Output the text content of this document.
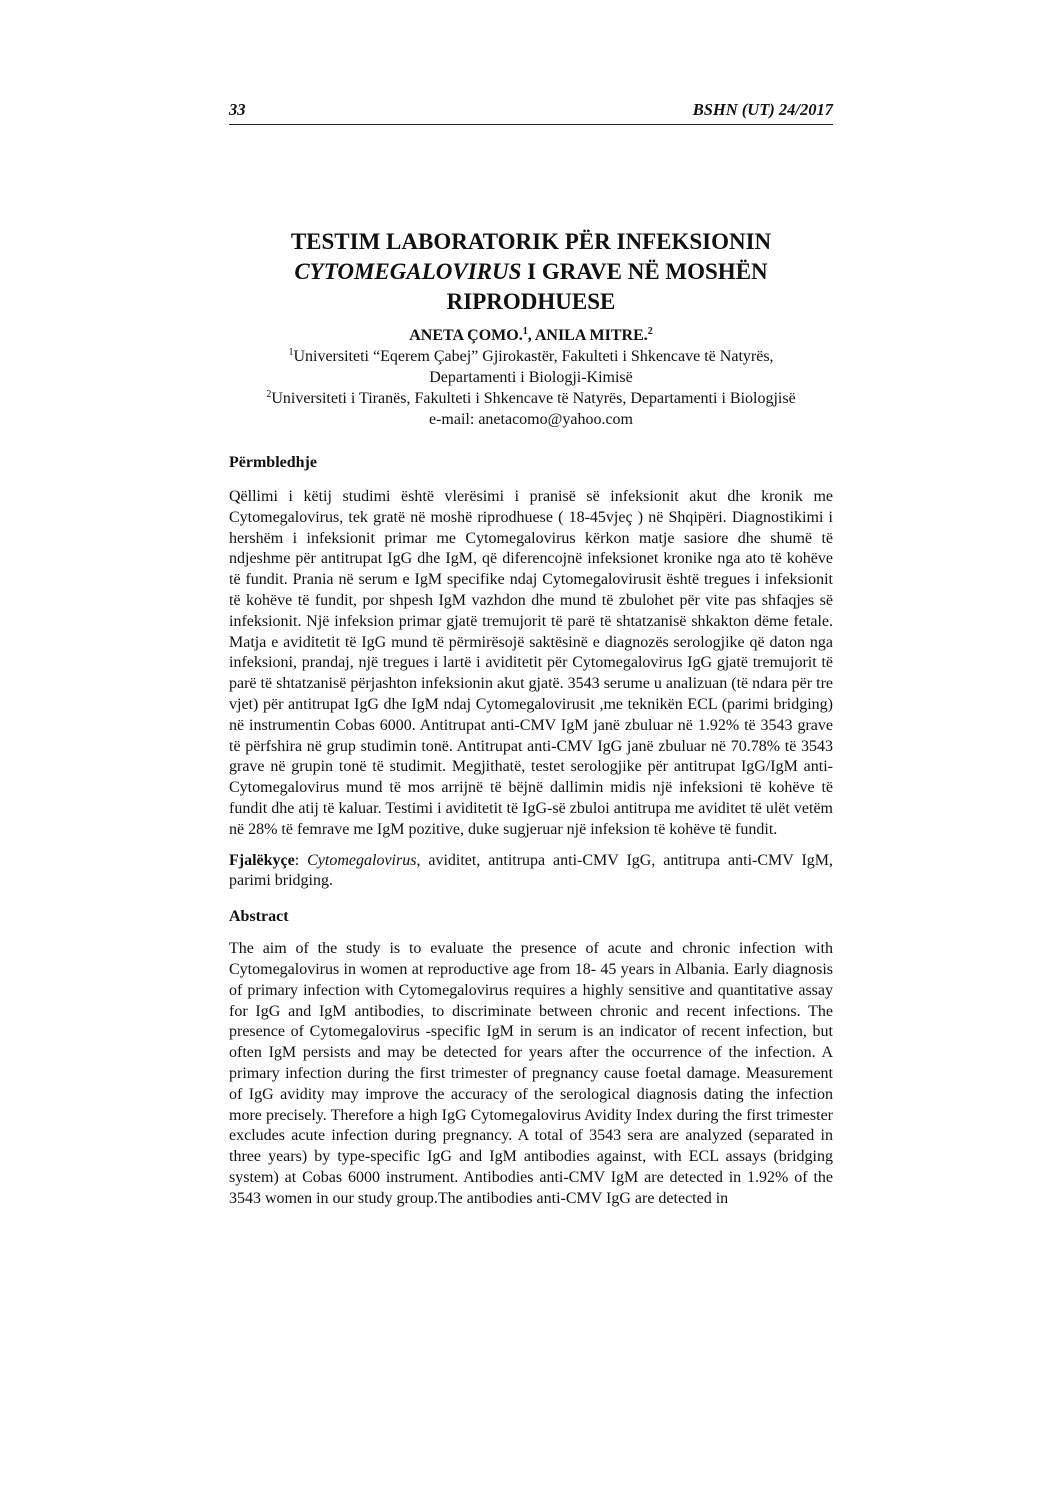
33	BSHN (UT) 24/2017
TESTIM LABORATORIK PËR INFEKSIONIN
CYTOMEGALOVIRUS I GRAVE NË MOSHËN
RIPRODHUESE
ANETA ÇOMO.$^1$, ANILA MITRE.$^2$
$^1$Universiteti “Eqerem Çabej” Gjirokastër, Fakulteti i Shkencave të Natyrës,
Departamenti i Biologji-Kimisë
$^2$Universiteti i Tiranës, Fakulteti i Shkencave të Natyrës, Departamenti i Biologjisë
e-mail: anetacomo@yahoo.com
Përmbledhje

Qëllimi i këtij studimi është vlerësimi i pranisë së infeksionit akut dhe kronik me Cytomegalovirus, tek gratë në moshë riprodhuese ( 18-45vjeç ) në Shqipëri. Diagnostikimi i hershëm i infeksionit primar me Cytomegalovirus kërkon matje sasiore dhe shumë të ndjeshme për antitrupat IgG dhe IgM, që diferencojnë infeksionet kronike nga ato të kohëve të fundit. Prania në serum e IgM specifike ndaj Cytomegalovirusit është tregues i infeksionit të kohëve të fundit, por shpesh IgM vazhdon dhe mund të zbulohet për vite pas shfaqjes së infeksionit. Një infeksion primar gjatë tremujorit të parë të shtatzanisë shkakton dëme fetale. Matja e aviditetit të IgG mund të përmirësojë saktësinë e diagnozës serologjike që daton nga infeksioni, prandaj, një tregues i lartë i aviditetit për Cytomegalovirus IgG gjatë tremujorit të parë të shtatzanisë përjashton infeksionin akut gjatë. 3543 serume u analizuan (të ndara për tre vjet) për antitrupat IgG dhe IgM ndaj Cytomegalovirusit ,me teknikën ECL (parimi bridging) në instrumentin Cobas 6000. Antitrupat anti-CMV IgM janë zbuluar në 1.92% të 3543 grave të përfshira në grup studimin tonë. Antitrupat anti-CMV IgG janë zbuluar në 70.78% të 3543 grave në grupin tonë të studimit. Megjithatë, testet serologjike për antitrupat IgG/IgM anti-Cytomegalovirus mund të mos arrijnë të bëjnë dallimin midis një infeksioni të kohëve të fundit dhe atij të kaluar. Testimi i aviditetit të IgG-së zbuloi antitrupa me aviditet të ulët vetëm në 28% të femrave me IgM pozitive, duke sugjeruar një infeksion të kohëve të fundit.

Fjalëkyçe: Cytomegalovirus, aviditet, antitrupa anti-CMV IgG, antitrupa anti-CMV IgM, parimi bridging.
Abstract

The aim of the study is to evaluate the presence of acute and chronic infection with Cytomegalovirus in women at reproductive age from 18- 45 years in Albania. Early diagnosis of primary infection with Cytomegalovirus requires a highly sensitive and quantitative assay for IgG and IgM antibodies, to discriminate between chronic and recent infections. The presence of Cytomegalovirus -specific IgM in serum is an indicator of recent infection, but often IgM persists and may be detected for years after the occurrence of the infection. A primary infection during the first trimester of pregnancy cause foetal damage. Measurement of IgG avidity may improve the accuracy of the serological diagnosis dating the infection more precisely. Therefore a high IgG Cytomegalovirus Avidity Index during the first trimester excludes acute infection during pregnancy. A total of 3543 sera are analyzed (separated in three years) by type-specific IgG and IgM antibodies against, with ECL assays (bridging system) at Cobas 6000 instrument. Antibodies anti-CMV IgM are detected in 1.92% of the 3543 women in our study group.The antibodies anti-CMV IgG are detected in
